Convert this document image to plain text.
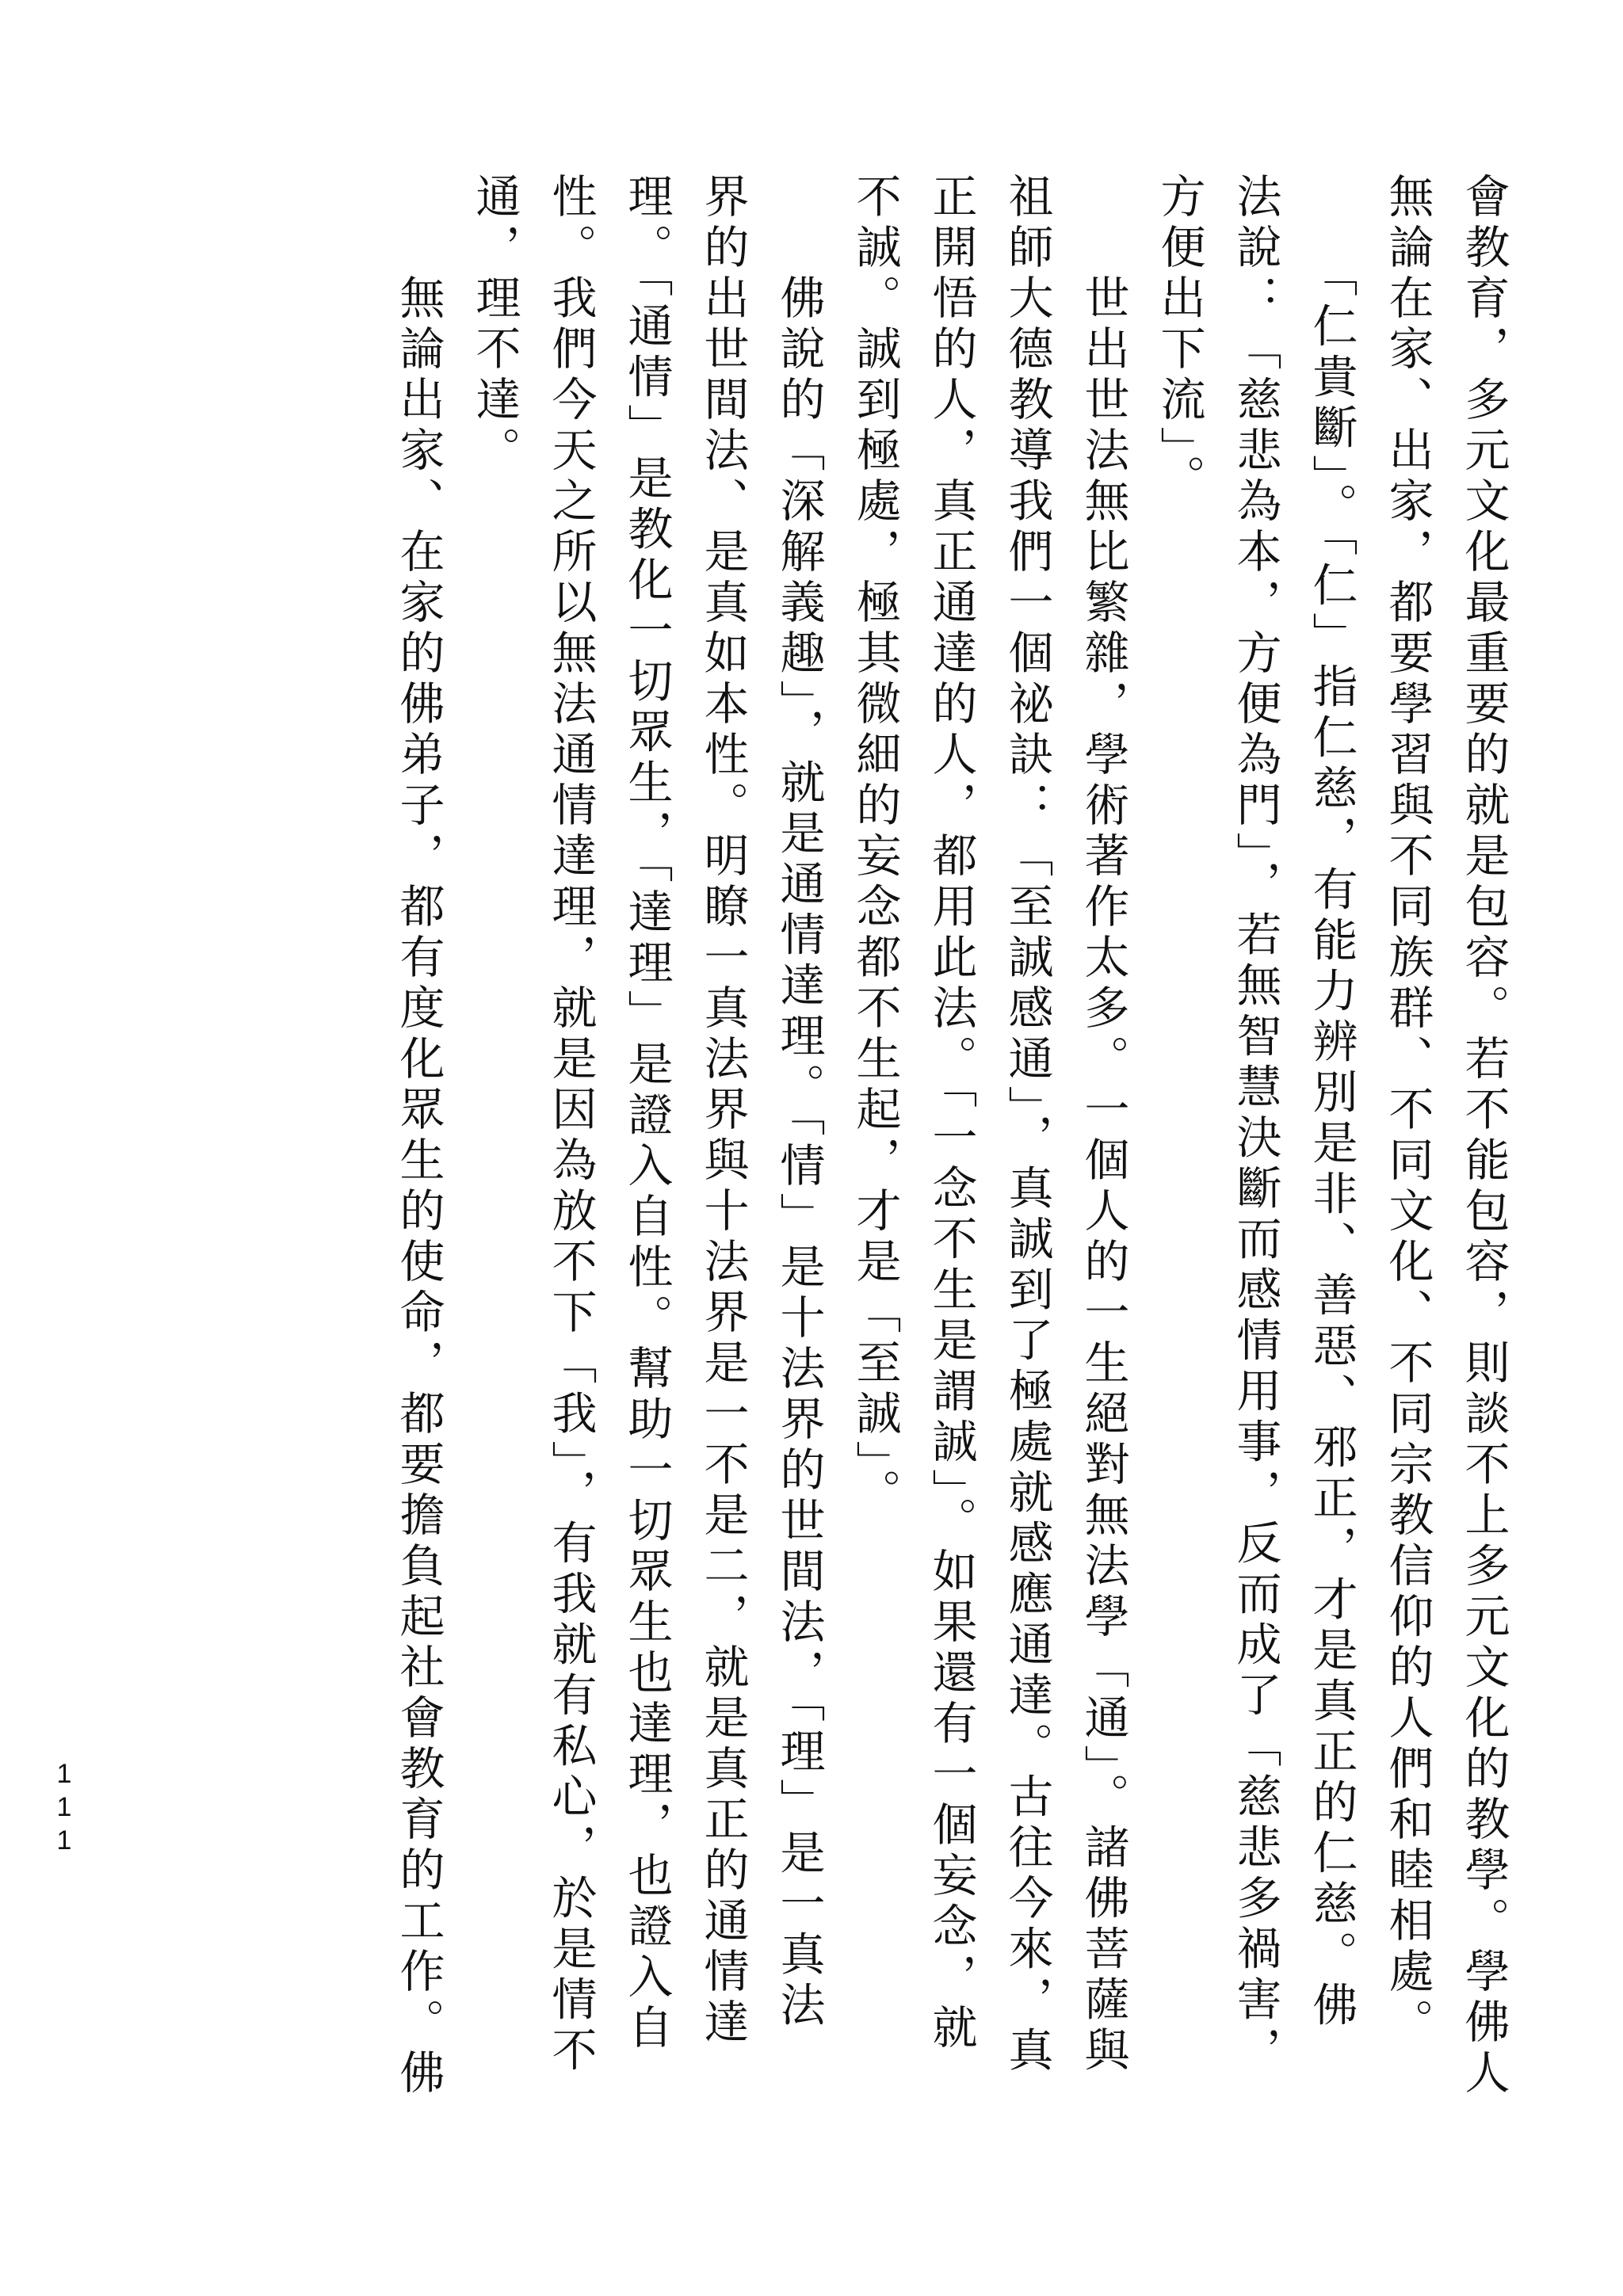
會教育，多元文化最重要的就是包容。若不能包容，則談不上多元文化的教學。學佛人
無論在家、出家，都要學習與不同族群、不同文化、不同宗教信仰的人們和睦相處。
　　「仁貴斷」。「仁」指仁慈，有能力辨別是非、善惡、邪正，才是真正的仁慈。佛
法說：「慈悲為本，方便為門」，若無智慧決斷而感情用事，反而成了「慈悲多禍害，
方便出下流」。
　　世出世法無比繁雜，學術著作太多。一個人的一生絕對無法學「通」。諸佛菩薩與
祖師大德教導我們一個祕訣：「至誠感通」，真誠到了極處就感應通達。古往今來，真
正開悟的人，真正通達的人，都用此法。「一念不生是謂誠」。如果還有一個妄念，就
不誠。誠到極處，極其微細的妄念都不生起，才是「至誠」。
　　佛說的「深解義趣」，就是通情達理。「情」是十法界的世間法，「理」是一真法
界的出世間法、是真如本性。明瞭一真法界與十法界是一不是二，就是真正的通情達
理。「通情」是教化一切眾生，「達理」是證入自性。幫助一切眾生也達理，也證入自
性。我們今天之所以無法通情達理，就是因為放不下「我」，有我就有私心，於是情不
通，理不達。
　　無論出家、在家的佛弟子，都有度化眾生的使命，都要擔負起社會教育的工作。佛
111
